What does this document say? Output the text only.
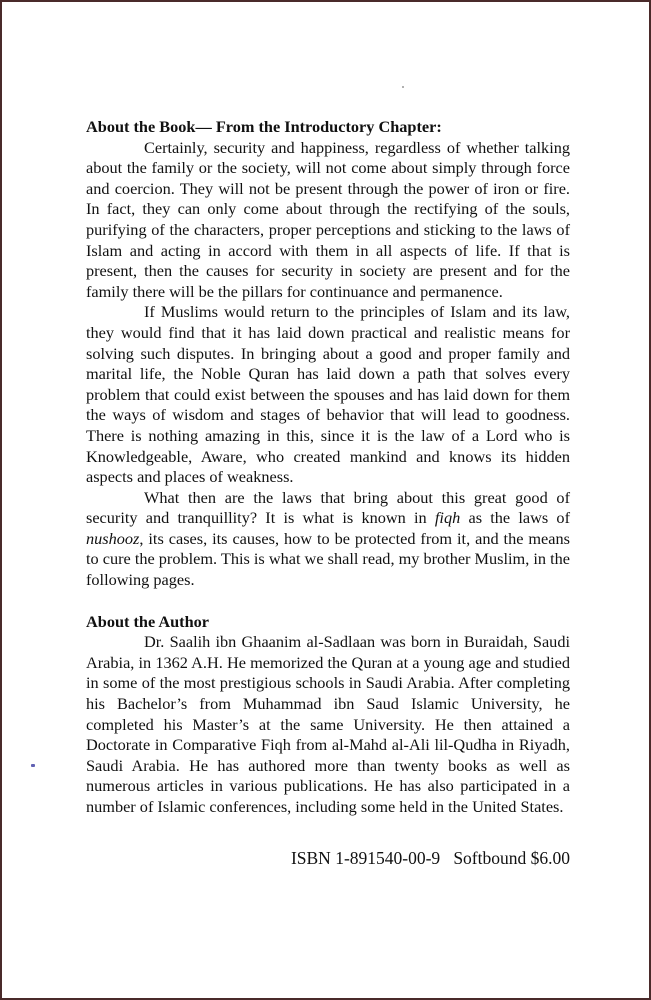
About the Book— From the Introductory Chapter:

Certainly, security and happiness, regardless of whether talking about the family or the society, will not come about simply through force and coercion. They will not be present through the power of iron or fire. In fact, they can only come about through the rectifying of the souls, purifying of the characters, proper perceptions and sticking to the laws of Islam and acting in accord with them in all aspects of life. If that is present, then the causes for security in society are present and for the family there will be the pillars for continuance and permanence.

If Muslims would return to the principles of Islam and its law, they would find that it has laid down practical and realistic means for solving such disputes. In bringing about a good and proper family and marital life, the Noble Quran has laid down a path that solves every problem that could exist between the spouses and has laid down for them the ways of wisdom and stages of behavior that will lead to goodness. There is nothing amazing in this, since it is the law of a Lord who is Knowledgeable, Aware, who created mankind and knows its hidden aspects and places of weakness.

What then are the laws that bring about this great good of security and tranquillity? It is what is known in fiqh as the laws of nushooz, its cases, its causes, how to be protected from it, and the means to cure the problem. This is what we shall read, my brother Muslim, in the following pages.

About the Author

Dr. Saalih ibn Ghaanim al-Sadlaan was born in Buraidah, Saudi Arabia, in 1362 A.H. He memorized the Quran at a young age and studied in some of the most prestigious schools in Saudi Arabia. After completing his Bachelor’s from Muhammad ibn Saud Islamic University, he completed his Master’s at the same University. He then attained a Doctorate in Comparative Fiqh from al-Mahd al-Ali lil-Qudha in Riyadh, Saudi Arabia. He has authored more than twenty books as well as numerous articles in various publications. He has also participated in a number of Islamic conferences, including some held in the United States.

ISBN 1-891540-00-9 Softbound $6.00
